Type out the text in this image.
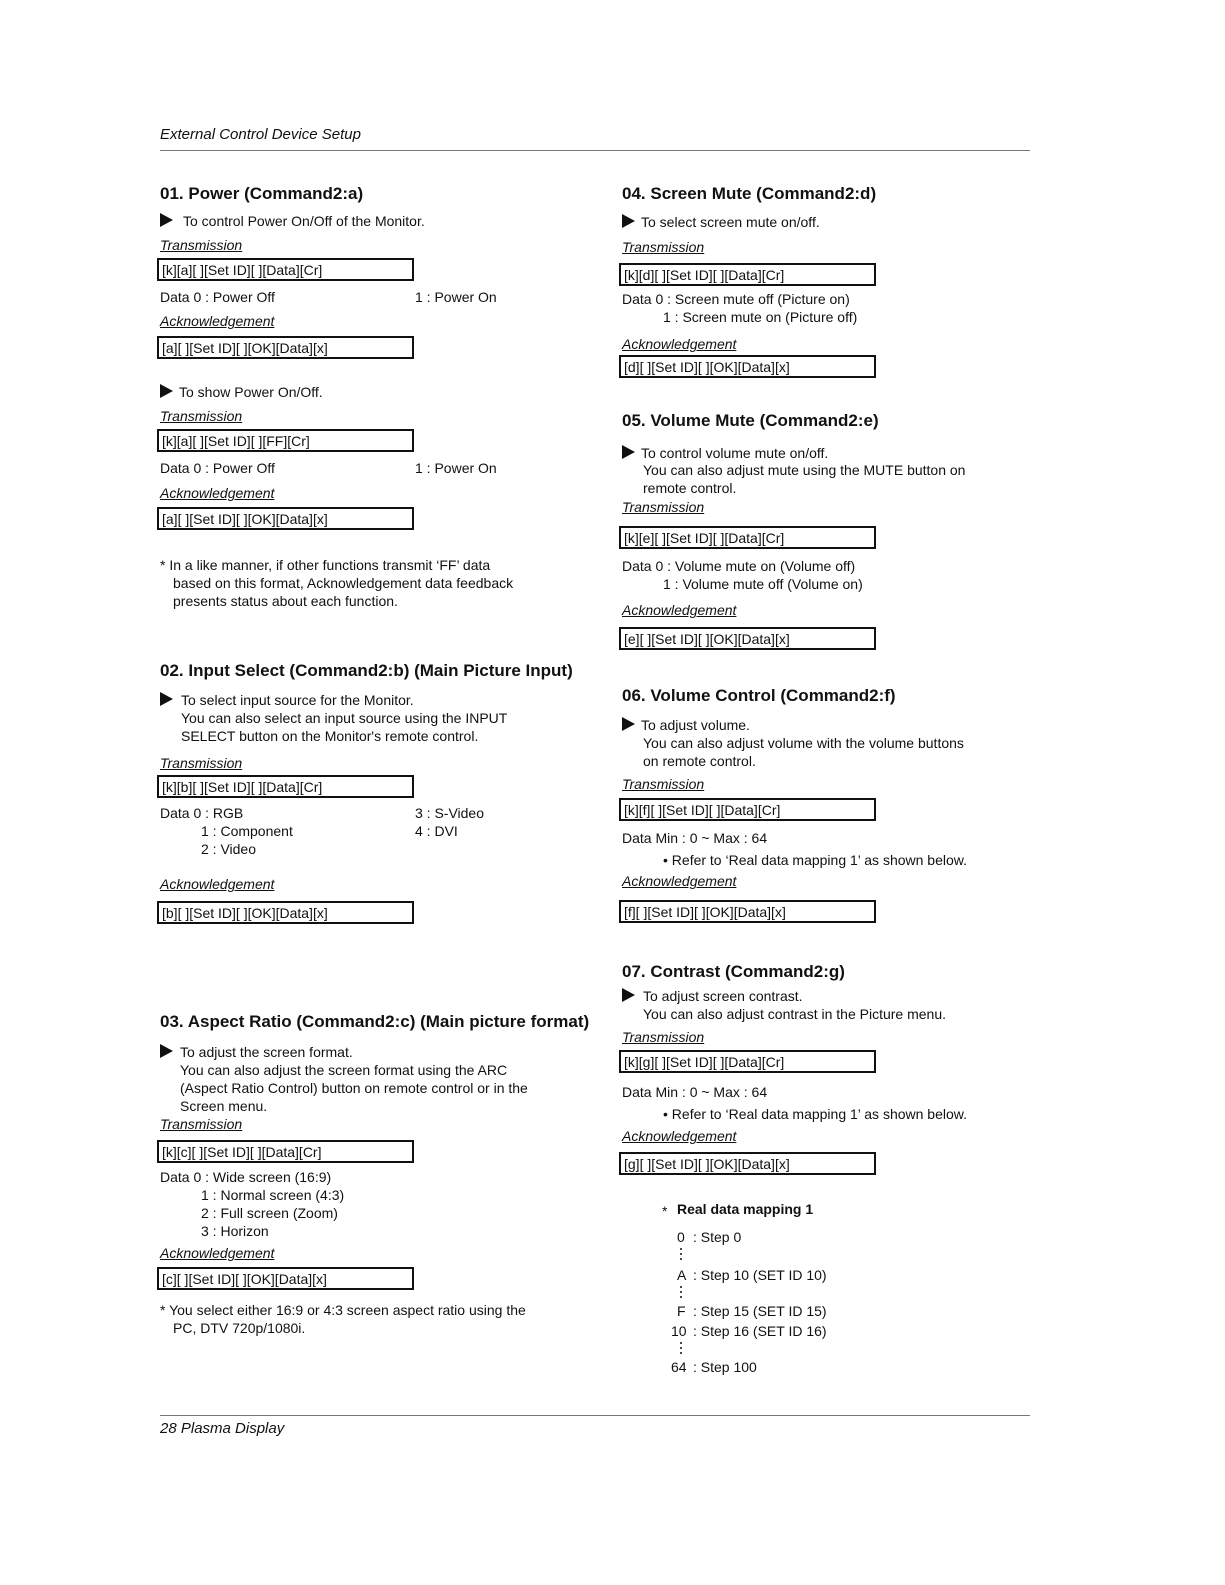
External Control Device Setup
01. Power (Command2:a)
To control Power On/Off of the Monitor.
Transmission
[k][a][ ][Set ID][ ][Data][Cr]
Data 0 : Power Off	1 : Power On
Acknowledgement
[a][ ][Set ID][ ][OK][Data][x]
To show Power On/Off.
Transmission
[k][a][ ][Set ID][ ][FF][Cr]
Data 0 : Power Off	1 : Power On
Acknowledgement
[a][ ][Set ID][ ][OK][Data][x]
* In a like manner, if other functions transmit ‘FF’ data
based on this format, Acknowledgement data feedback
presents status about each function.
02. Input Select (Command2:b) (Main Picture Input)
To select input source for the Monitor.
You can also select an input source using the INPUT
SELECT button on the Monitor's remote control.
Transmission
[k][b][ ][Set ID][ ][Data][Cr]
Data 0 : RGB
1 : Component
2 : Video
3 : S-Video
4 : DVI
Acknowledgement
[b][ ][Set ID][ ][OK][Data][x]
03. Aspect Ratio (Command2:c) (Main picture format)
To adjust the screen format.
You can also adjust the screen format using the ARC
(Aspect Ratio Control) button on remote control or in the
Screen menu.
Transmission
[k][c][ ][Set ID][ ][Data][Cr]
Data 0 : Wide screen (16:9)
1 : Normal screen (4:3)
2 : Full screen (Zoom)
3 : Horizon
Acknowledgement
[c][ ][Set ID][ ][OK][Data][x]
* You select either 16:9 or 4:3 screen aspect ratio using the
PC, DTV 720p/1080i.
04. Screen Mute (Command2:d)
To select screen mute on/off.
Transmission
[k][d][ ][Set ID][ ][Data][Cr]
Data 0 : Screen mute off (Picture on)
1 : Screen mute on (Picture off)
Acknowledgement
[d][ ][Set ID][ ][OK][Data][x]
05. Volume Mute (Command2:e)
To control volume mute on/off.
You can also adjust mute using the MUTE button on
remote control.
Transmission
[k][e][ ][Set ID][ ][Data][Cr]
Data 0 : Volume mute on (Volume off)
1 : Volume mute off (Volume on)
Acknowledgement
[e][ ][Set ID][ ][OK][Data][x]
06. Volume Control (Command2:f)
To adjust volume.
You can also adjust volume with the volume buttons
on remote control.
Transmission
[k][f][ ][Set ID][ ][Data][Cr]
Data Min : 0 ~ Max : 64
• Refer to ‘Real data mapping 1’ as shown below.
Acknowledgement
[f][ ][Set ID][ ][OK][Data][x]
07. Contrast (Command2:g)
To adjust screen contrast.
You can also adjust contrast in the Picture menu.
Transmission
[k][g][ ][Set ID][ ][Data][Cr]
Data Min : 0 ~ Max : 64
• Refer to ‘Real data mapping 1’ as shown below.
Acknowledgement
[g][ ][Set ID][ ][OK][Data][x]
* Real data mapping 1
0 : Step 0
A : Step 10 (SET ID 10)
F : Step 15 (SET ID 15)
10 : Step 16 (SET ID 16)
64 : Step 100
28 Plasma Display
